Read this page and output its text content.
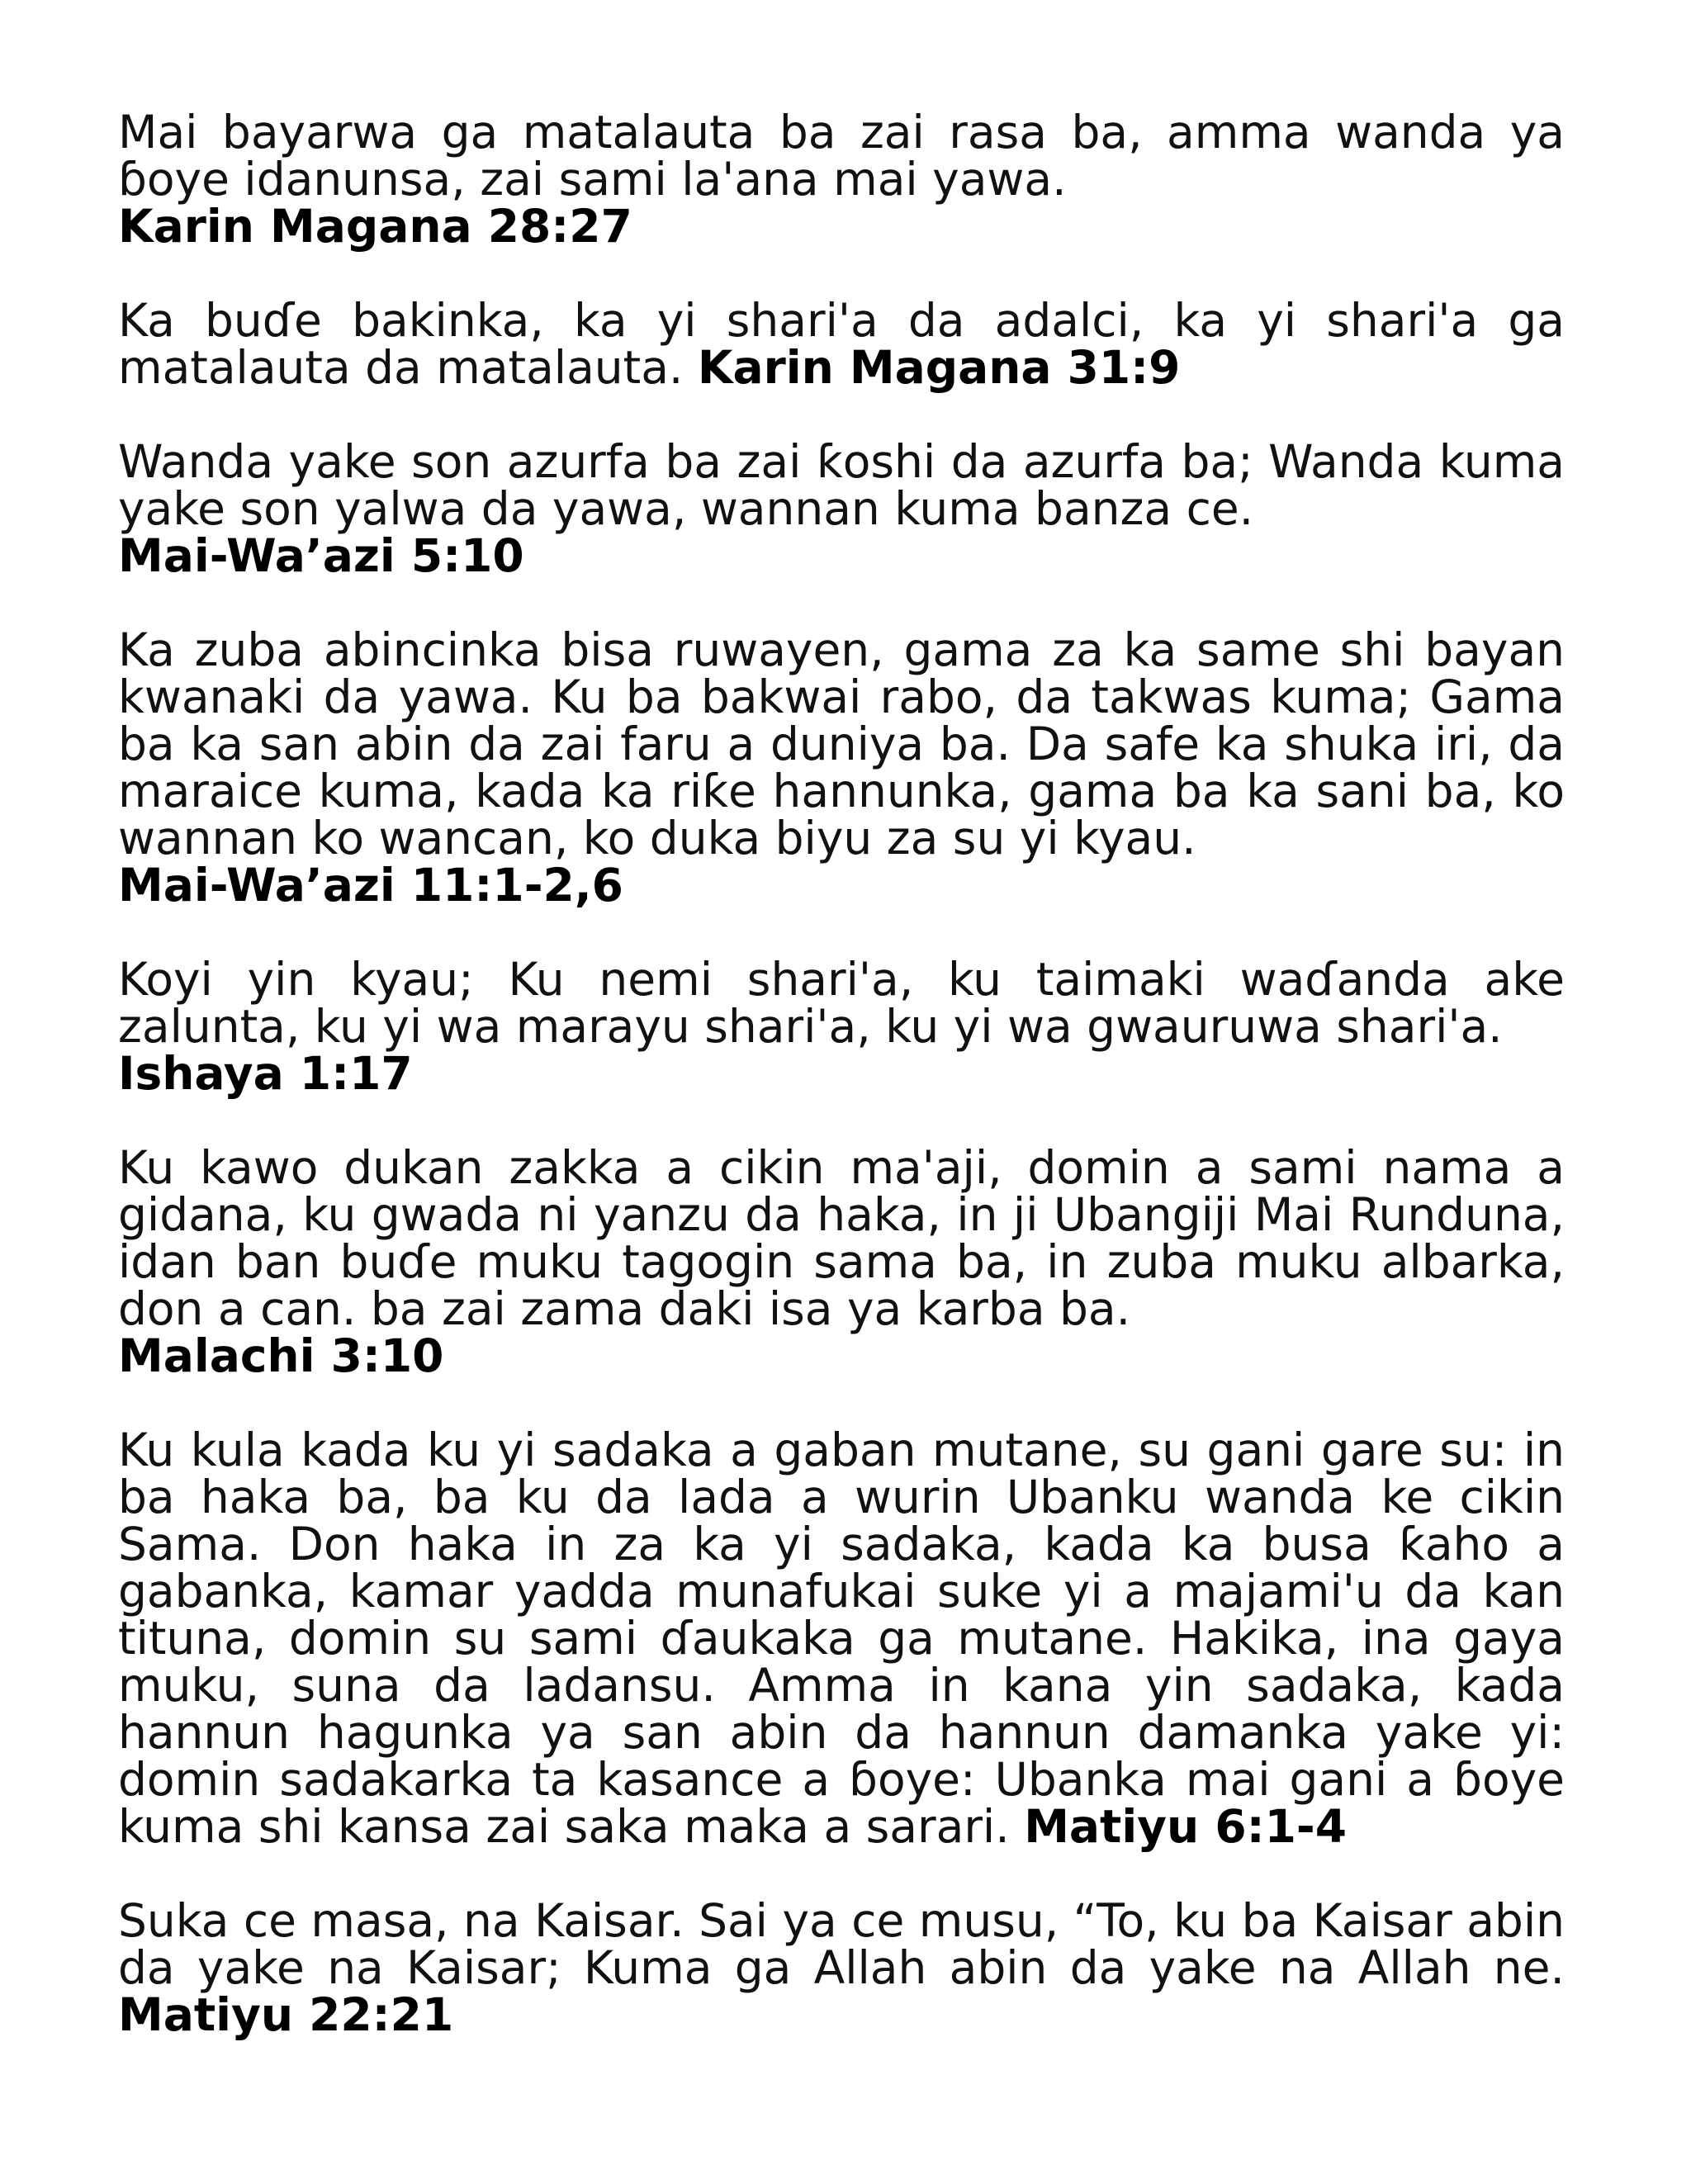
Mai bayarwa ga matalauta ba zai rasa ba, amma wanda ya ɓoye idanunsa, zai sami la'ana mai yawa.
Karin Magana 28:27

Ka buɗe bakinka, ka yi shari'a da adalci, ka yi shari'a ga matalauta da matalauta. Karin Magana 31:9

Wanda yake son azurfa ba zai ƙoshi da azurfa ba; Wanda kuma yake son yalwa da yawa, wannan kuma banza ce.
Mai-Wa’azi 5:10

Ka zuba abincinka bisa ruwayen, gama za ka same shi bayan kwanaki da yawa. Ku ba bakwai rabo, da takwas kuma; Gama ba ka san abin da zai faru a duniya ba. Da safe ka shuka iri, da maraice kuma, kada ka riƙe hannunka, gama ba ka sani ba, ko wannan ko wancan, ko duka biyu za su yi kyau.
Mai-Wa’azi 11:1-2,6

Koyi yin kyau; Ku nemi shari'a, ku taimaki waɗanda ake zalunta, ku yi wa marayu shari'a, ku yi wa gwauruwa shari'a.
Ishaya 1:17

Ku kawo dukan zakka a cikin ma'aji, domin a sami nama a gidana, ku gwada ni yanzu da haka, in ji Ubangiji Mai Runduna, idan ban buɗe muku tagogin sama ba, in zuba muku albarka, don a can. ba zai zama daki isa ya karba ba.
Malachi 3:10

Ku kula kada ku yi sadaka a gaban mutane, su gani gare su: in ba haka ba, ba ku da lada a wurin Ubanku wanda ke cikin Sama. Don haka in za ka yi sadaka, kada ka busa ƙaho a gabanka, kamar yadda munafukai suke yi a majami'u da kan tituna, domin su sami ɗaukaka ga mutane. Hakika, ina gaya muku, suna da ladansu. Amma in kana yin sadaka, kada hannun hagunka ya san abin da hannun damanka yake yi: domin sadakarka ta kasance a ɓoye: Ubanka mai gani a ɓoye kuma shi kansa zai saka maka a sarari. Matiyu 6:1-4

Suka ce masa, na Kaisar. Sai ya ce musu, “To, ku ba Kaisar abin da yake na Kaisar; Kuma ga Allah abin da yake na Allah ne. Matiyu 22:21
